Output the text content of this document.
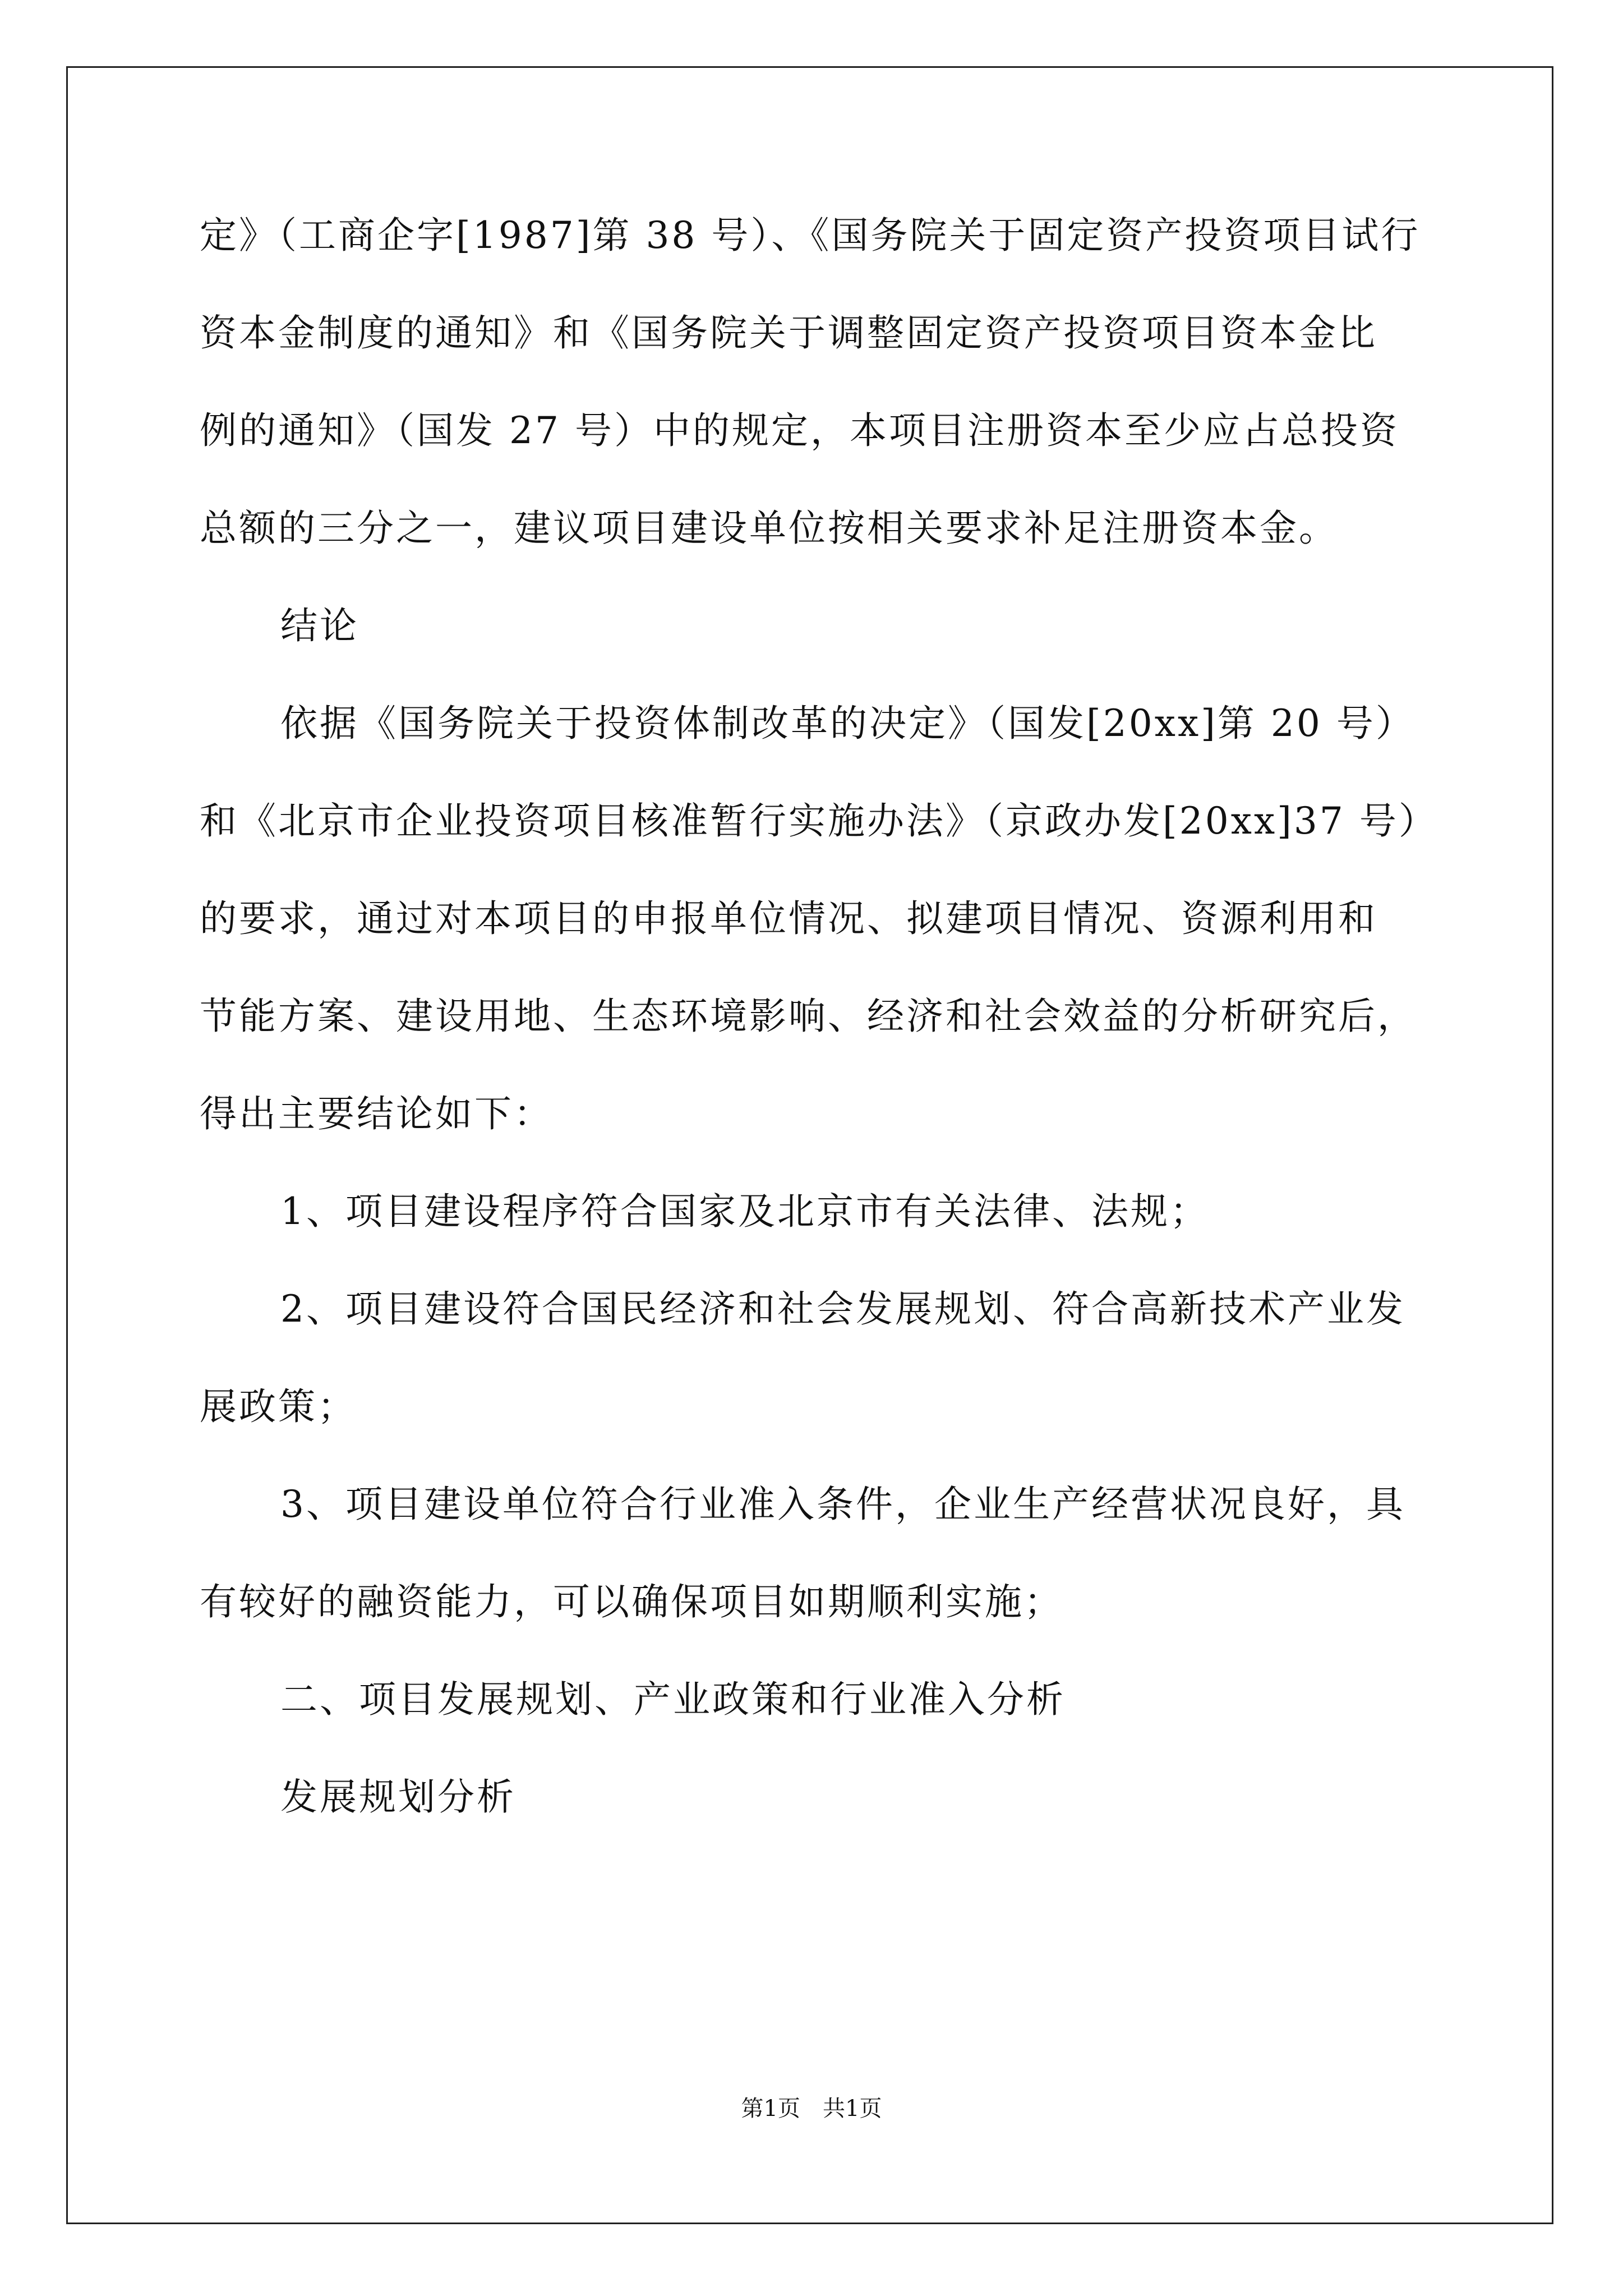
定》（工商企字[1987]第 38 号）、《国务院关于固定资产投资项目试行
资本金制度的通知》和《国务院关于调整固定资产投资项目资本金比
例的通知》（国发 27 号）中的规定，本项目注册资本至少应占总投资
总额的三分之一，建议项目建设单位按相关要求补足注册资本金。
结论
依据《国务院关于投资体制改革的决定》（国发[20xx]第 20 号）
和《北京市企业投资项目核准暂行实施办法》（京政办发[20xx]37 号）
的要求，通过对本项目的申报单位情况、拟建项目情况、资源利用和
节能方案、建设用地、生态环境影响、经济和社会效益的分析研究后，
得出主要结论如下：
1、项目建设程序符合国家及北京市有关法律、法规；
2、项目建设符合国民经济和社会发展规划、符合高新技术产业发
展政策；
3、项目建设单位符合行业准入条件，企业生产经营状况良好，具
有较好的融资能力，可以确保项目如期顺利实施；
二、项目发展规划、产业政策和行业准入分析
发展规划分析
第1页　共1页
